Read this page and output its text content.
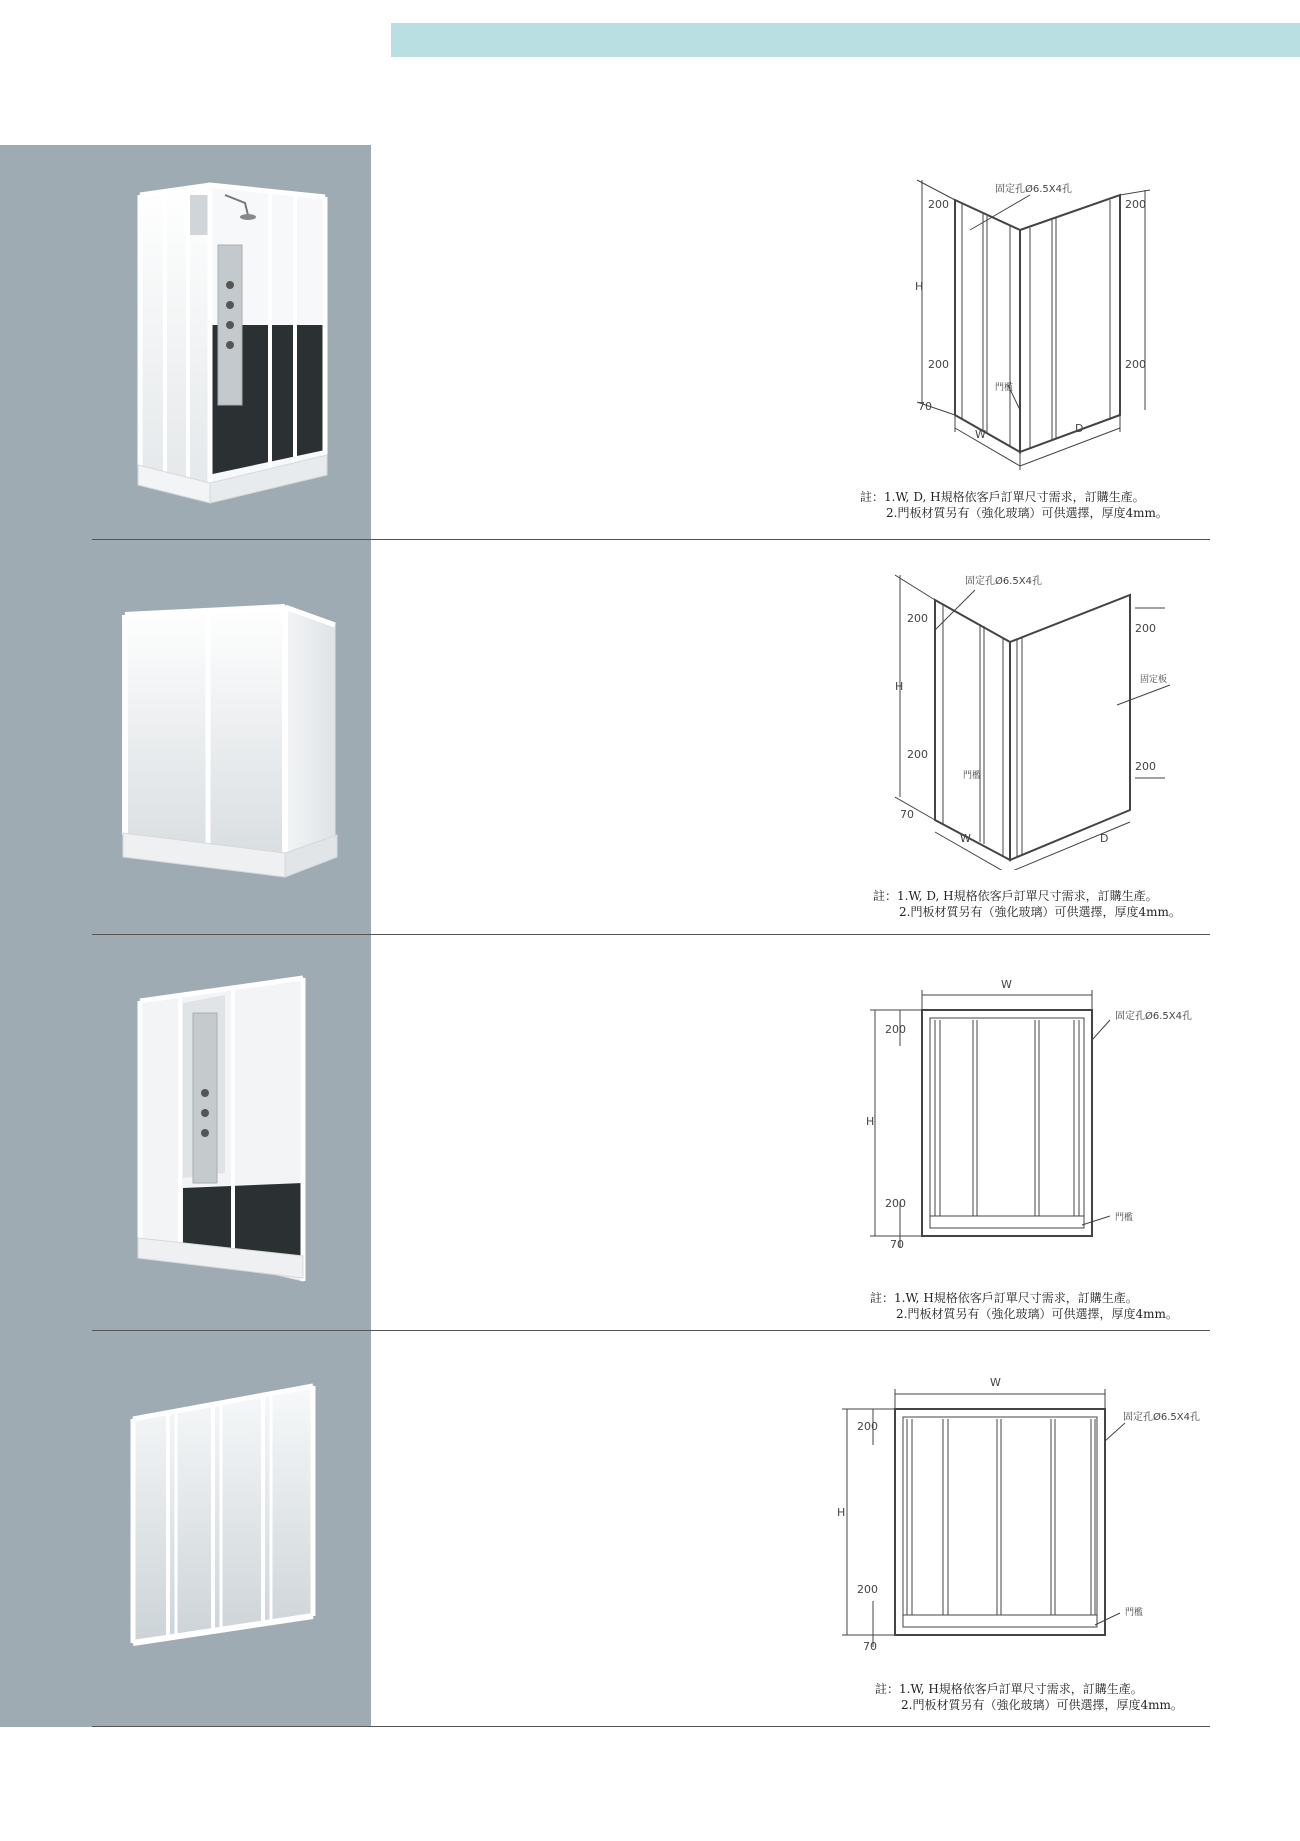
200	200
200	200
H
70
W	D
門檻
固定孔Ø6.5X4孔
註：1.W, D, H規格依客戶訂單尺寸需求，訂購生產。
2.門板材質另有（強化玻璃）可供選擇，厚度4mm。
200
200
200
200
H
70
W	D
門檻
固定孔Ø6.5X4孔
固定板
註：1.W, D, H規格依客戶訂單尺寸需求，訂購生產。
2.門板材質另有（強化玻璃）可供選擇，厚度4mm。
W
H
200
200
70
固定孔Ø6.5X4孔
門檻
註：1.W, H規格依客戶訂單尺寸需求，訂購生產。
2.門板材質另有（強化玻璃）可供選擇，厚度4mm。
W
H
200
200
70
固定孔Ø6.5X4孔
門檻
註：1.W, H規格依客戶訂單尺寸需求，訂購生產。
2.門板材質另有（強化玻璃）可供選擇，厚度4mm。
